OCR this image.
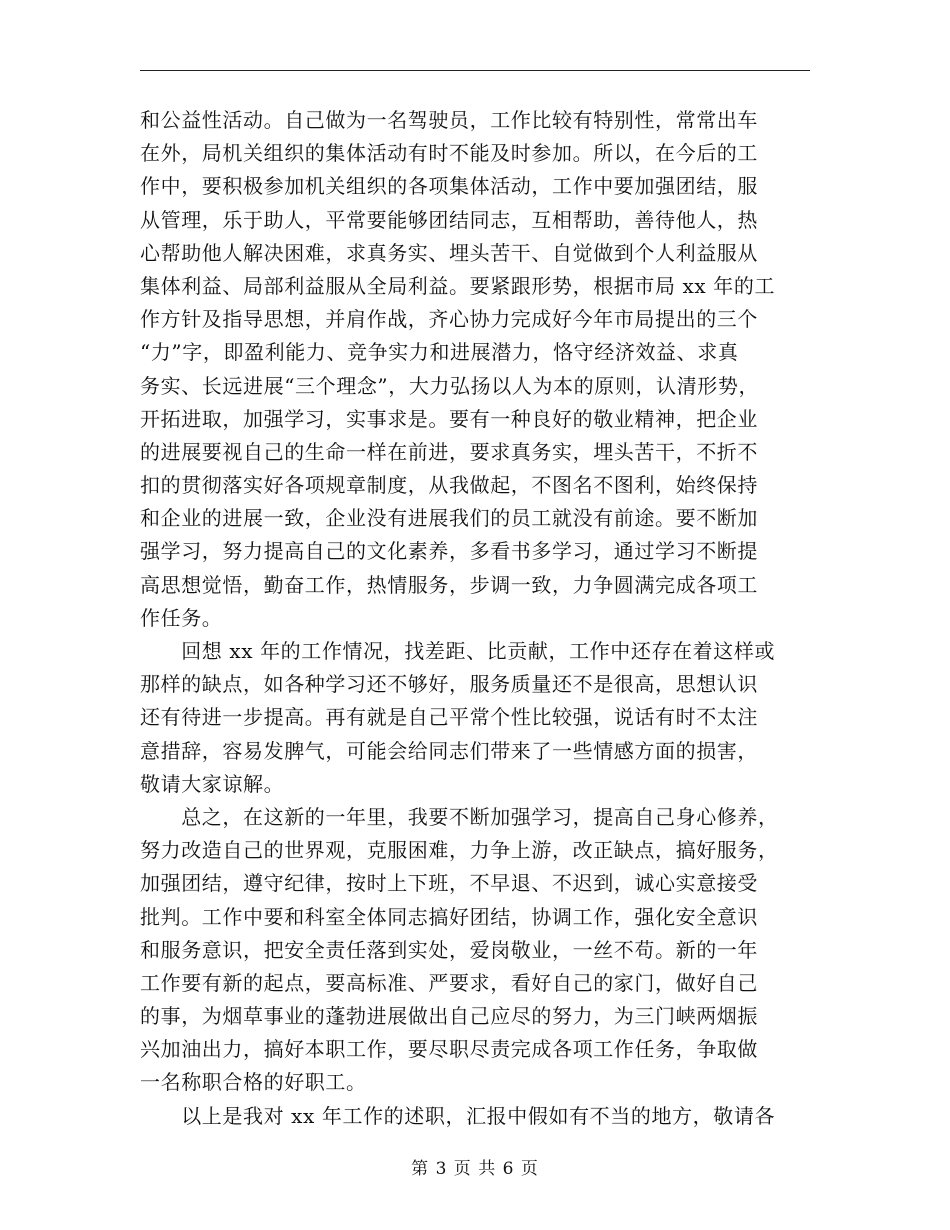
和公益性活动。自己做为一名驾驶员，工作比较有特别性，常常出车
在外，局机关组织的集体活动有时不能及时参加。所以，在今后的工
作中，要积极参加机关组织的各项集体活动，工作中要加强团结，服
从管理，乐于助人，平常要能够团结同志，互相帮助，善待他人，热
心帮助他人解决困难，求真务实、埋头苦干、自觉做到个人利益服从
集体利益、局部利益服从全局利益。要紧跟形势，根据市局 xx 年的工
作方针及指导思想，并肩作战，齐心协力完成好今年市局提出的三个
“力”字，即盈利能力、竞争实力和进展潜力，恪守经济效益、求真
务实、长远进展“三个理念”，大力弘扬以人为本的原则，认清形势，
开拓进取，加强学习，实事求是。要有一种良好的敬业精神，把企业
的进展要视自己的生命一样在前进，要求真务实，埋头苦干，不折不
扣的贯彻落实好各项规章制度，从我做起，不图名不图利，始终保持
和企业的进展一致，企业没有进展我们的员工就没有前途。要不断加
强学习，努力提高自己的文化素养，多看书多学习，通过学习不断提
高思想觉悟，勤奋工作，热情服务，步调一致，力争圆满完成各项工
作任务。
　　回想 xx 年的工作情况，找差距、比贡献，工作中还存在着这样或
那样的缺点，如各种学习还不够好，服务质量还不是很高，思想认识
还有待进一步提高。再有就是自己平常个性比较强，说话有时不太注
意措辞，容易发脾气，可能会给同志们带来了一些情感方面的损害，
敬请大家谅解。
　　总之，在这新的一年里，我要不断加强学习，提高自己身心修养，
努力改造自己的世界观，克服困难，力争上游，改正缺点，搞好服务，
加强团结，遵守纪律，按时上下班，不早退、不迟到，诚心实意接受
批判。工作中要和科室全体同志搞好团结，协调工作，强化安全意识
和服务意识，把安全责任落到实处，爱岗敬业，一丝不苟。新的一年
工作要有新的起点，要高标准、严要求，看好自己的家门，做好自己
的事，为烟草事业的蓬勃进展做出自己应尽的努力，为三门峡两烟振
兴加油出力，搞好本职工作，要尽职尽责完成各项工作任务，争取做
一名称职合格的好职工。
　　以上是我对 xx 年工作的述职，汇报中假如有不当的地方，敬请各
第 3 页 共 6 页
